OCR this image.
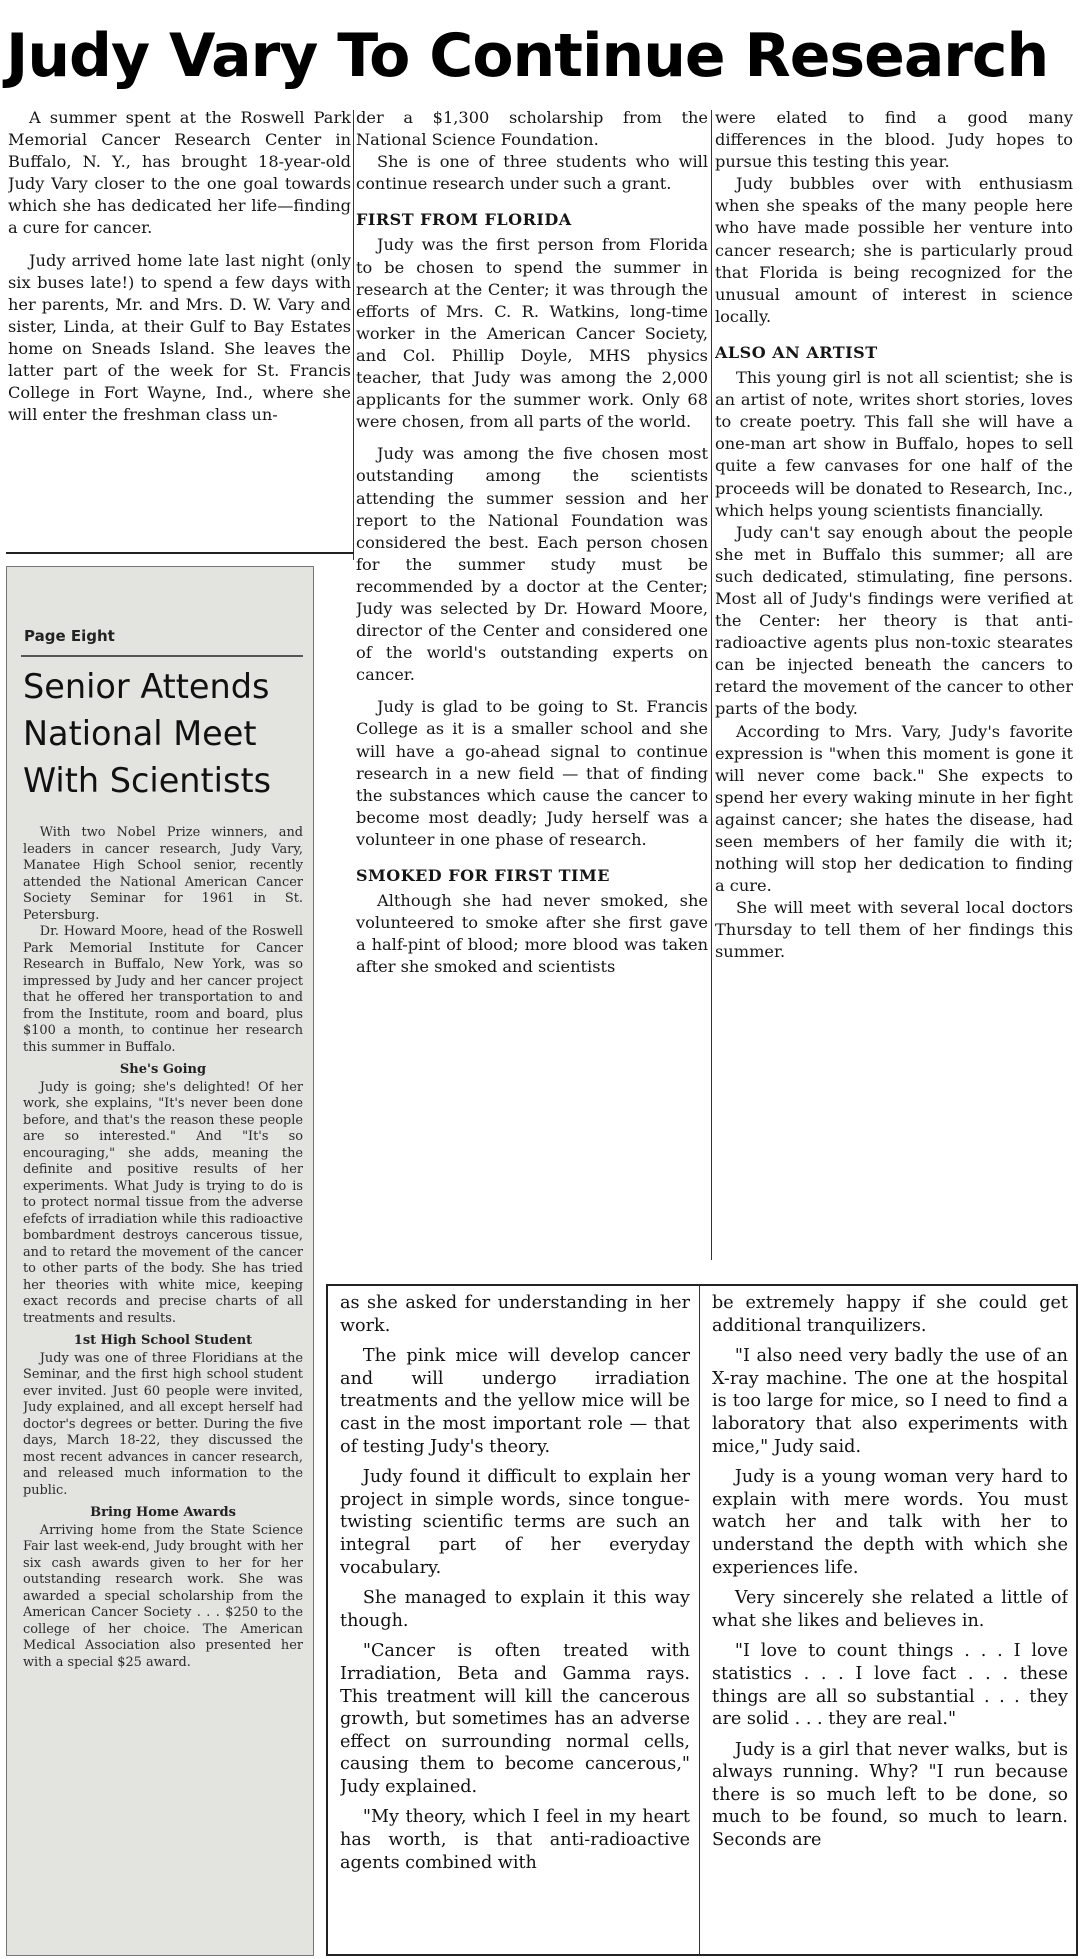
Judy Vary To Continue Research

A summer spent at the Roswell Park Memorial Cancer Research Center in Buffalo, N. Y., has brought 18-year-old Judy Vary closer to the one goal towards which she has dedicated her life—finding a cure for cancer.

Judy arrived home late last night (only six buses late!) to spend a few days with her parents, Mr. and Mrs. D. W. Vary and sister, Linda, at their Gulf to Bay Estates home on Sneads Island. She leaves the latter part of the week for St. Francis College in Fort Wayne, Ind., where she will enter the freshman class un-

der a $1,300 scholarship from the National Science Foundation.

She is one of three students who will continue research under such a grant.

FIRST FROM FLORIDA

Judy was the first person from Florida to be chosen to spend the summer in research at the Center; it was through the efforts of Mrs. C. R. Watkins, long-time worker in the American Cancer Society, and Col. Phillip Doyle, MHS physics teacher, that Judy was among the 2,000 applicants for the summer work. Only 68 were chosen, from all parts of the world.

Judy was among the five chosen most outstanding among the scientists attending the summer session and her report to the National Foundation was considered the best. Each person chosen for the summer study must be recommended by a doctor at the Center; Judy was selected by Dr. Howard Moore, director of the Center and considered one of the world's outstanding experts on cancer.

Judy is glad to be going to St. Francis College as it is a smaller school and she will have a go-ahead signal to continue research in a new field — that of finding the substances which cause the cancer to become most deadly; Judy herself was a volunteer in one phase of research.

SMOKED FOR FIRST TIME

Although she had never smoked, she volunteered to smoke after she first gave a half-pint of blood; more blood was taken after she smoked and scientists

were elated to find a good many differences in the blood. Judy hopes to pursue this testing this year.

Judy bubbles over with enthusiasm when she speaks of the many people here who have made possible her venture into cancer research; she is particularly proud that Florida is being recognized for the unusual amount of interest in science locally.

ALSO AN ARTIST

This young girl is not all scientist; she is an artist of note, writes short stories, loves to create poetry. This fall she will have a one-man art show in Buffalo, hopes to sell quite a few canvases for one half of the proceeds will be donated to Research, Inc., which helps young scientists financially.

Judy can't say enough about the people she met in Buffalo this summer; all are such dedicated, stimulating, fine persons. Most all of Judy's findings were verified at the Center: her theory is that anti-radioactive agents plus non-toxic stearates can be injected beneath the cancers to retard the movement of the cancer to other parts of the body.

According to Mrs. Vary, Judy's favorite expression is "when this moment is gone it will never come back." She expects to spend her every waking minute in her fight against cancer; she hates the disease, had seen members of her family die with it; nothing will stop her dedication to finding a cure.

She will meet with several local doctors Thursday to tell them of her findings this summer.

Page Eight
Senior Attends
National Meet
With Scientists

With two Nobel Prize winners, and leaders in cancer research, Judy Vary, Manatee High School senior, recently attended the National American Cancer Society Seminar for 1961 in St. Petersburg.

Dr. Howard Moore, head of the Roswell Park Memorial Institute for Cancer Research in Buffalo, New York, was so impressed by Judy and her cancer project that he offered her transportation to and from the Institute, room and board, plus $100 a month, to continue her research this summer in Buffalo.

She's Going

Judy is going; she's delighted! Of her work, she explains, "It's never been done before, and that's the reason these people are so interested." And "It's so encouraging," she adds, meaning the definite and positive results of her experiments. What Judy is trying to do is to protect normal tissue from the adverse efefcts of irradiation while this radioactive bombardment destroys cancerous tissue, and to retard the movement of the cancer to other parts of the body. She has tried her theories with white mice, keeping exact records and precise charts of all treatments and results.

1st High School Student

Judy was one of three Floridians at the Seminar, and the first high school student ever invited. Just 60 people were invited, Judy explained, and all except herself had doctor's degrees or better. During the five days, March 18-22, they discussed the most recent advances in cancer research, and released much information to the public.

Bring Home Awards

Arriving home from the State Science Fair last week-end, Judy brought with her six cash awards given to her for her outstanding research work. She was awarded a special scholarship from the American Cancer Society . . . $250 to the college of her choice. The American Medical Association also presented her with a special $25 award.

as she asked for understanding in her work.

The pink mice will develop cancer and will undergo irradiation treatments and the yellow mice will be cast in the most important role — that of testing Judy's theory.

Judy found it difficult to explain her project in simple words, since tongue-twisting scientific terms are such an integral part of her everyday vocabulary.

She managed to explain it this way though.

"Cancer is often treated with Irradiation, Beta and Gamma rays. This treatment will kill the cancerous growth, but sometimes has an adverse effect on surrounding normal cells, causing them to become cancerous," Judy explained.

"My theory, which I feel in my heart has worth, is that anti-radioactive agents combined with

be extremely happy if she could get additional tranquilizers.

"I also need very badly the use of an X-ray machine. The one at the hospital is too large for mice, so I need to find a laboratory that also experiments with mice," Judy said.

Judy is a young woman very hard to explain with mere words. You must watch her and talk with her to understand the depth with which she experiences life.

Very sincerely she related a little of what she likes and believes in.

"I love to count things . . . I love statistics . . . I love fact . . . these things are all so substantial . . . they are solid . . . they are real."

Judy is a girl that never walks, but is always running. Why? "I run because there is so much left to be done, so much to be found, so much to learn. Seconds are
